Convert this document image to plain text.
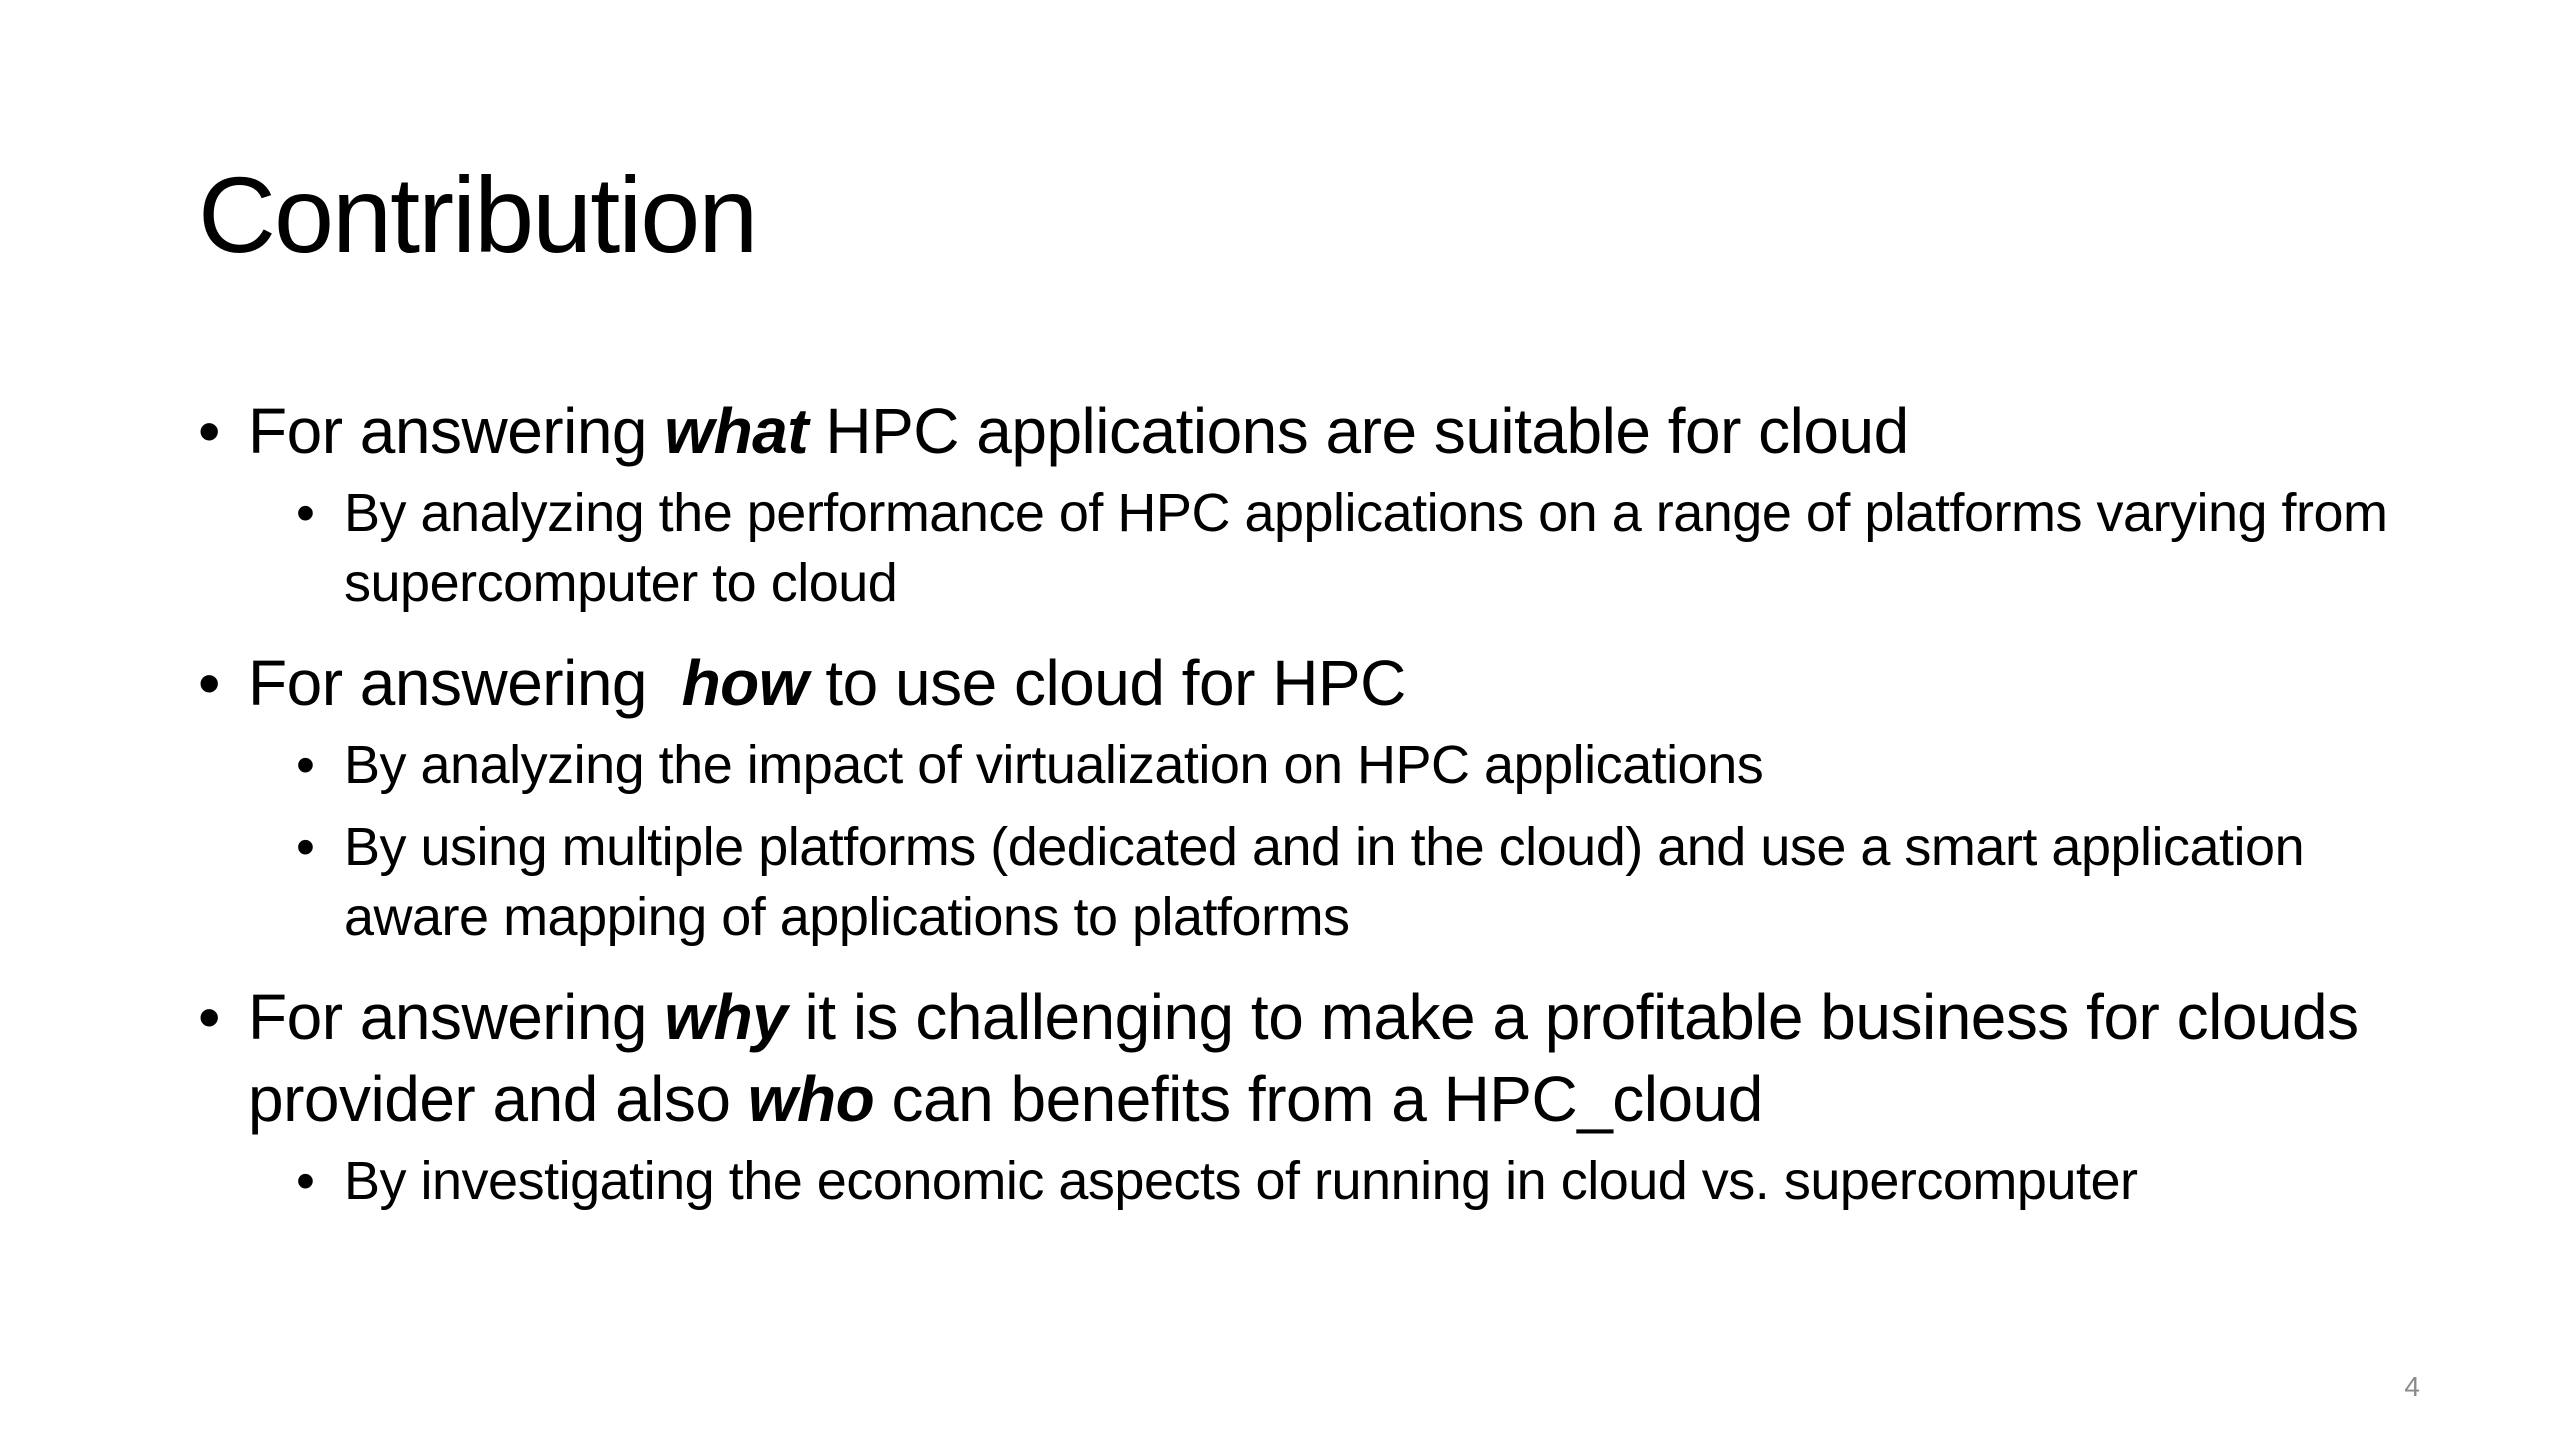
Contribution
• For answering what HPC applications are suitable for cloud
• By analyzing the performance of HPC applications on a range of platforms varying from supercomputer to cloud
• For answering  how to use cloud for HPC
• By analyzing the impact of virtualization on HPC applications
• By using multiple platforms (dedicated and in the cloud) and use a smart application aware mapping of applications to platforms
• For answering why it is challenging to make a profitable business for clouds provider and also who can benefits from a HPC_cloud
• By investigating the economic aspects of running in cloud vs. supercomputer
4
